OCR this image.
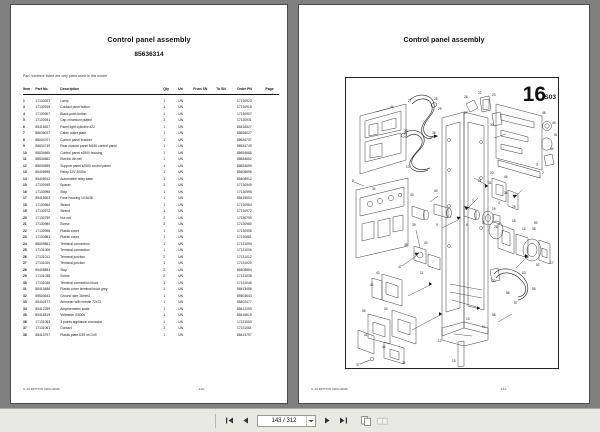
Control panel assembly
85636314
Part numbers listed are only parts used in this model
Item	Part No.	Description	Qty	Un	From SN	To SN	Order PN	Page
1	17130923	Lamp	1	UN			17130923	
3	17130915	Contact push button	1	UN			17130915	
4	17130907	Black push button	1	UN			17130907	
5	17130931	Cap chromium plated	1	UN			17130931	
6	85416527	Panel light cylindric d22	1	UN			85416527	
7	88636027	Cable outlet plate	1	UN			88636027	
8	88634707	Control panel bracket	1	UN			88634707	
9	88634749	Rear closure panel M150 control panel	1	UN			88634749	
10	85634665	Control panel s2500 housing	1	UN			85634665	
11	88634652	Electric din rail	1	UN			88634652	
12	88634699	Support panel s2500 control panel	1	UN			88634699	
13	85408698	Relay 12V 2000a	1	UN			85408698	
14	85408912	Automobile relay base	1	UN			85408912	
15	17130949	Spacer	2	UN			17130949	
16	17130998	Stop	1	UN			17130998	
17	85415503	Fuse housing 10.5x38	1	UN			85415503	
18	17130964	Strand	1	UN			17130964	
19	17130972	Strand	1	UN			17130972	
20	17130799	Nut m6	2	UN			17130799	
21	17130980	Screw	3	UN			17130980	
22	17130998	Plastic cover	1	UN			17130998	
23	17130881	Plastic cover	1	UN			17130881	
24	88609861	Terminal connection	1	UN			17131094	
25	17131006	Terminal connection	1	UN			17131006	
26	17131012	Terminal junction	2	UN			17131012	
27	17131020	Terminal junction	1	UN			17131020	
28	85408854	Stop	2	UN			85408854	
29	17131038	Screw	2	UN			17131038	
30	17131046	Terminal connection block	1	UN			17131046	
31	88413486	Plastic cover terminal block grey	1	UN			88413486	
32	85503643	Ground wire 16mm2	1	UN			85503643	
33	85402477	Ammeter with needle 72x72	1	UN			85402477	
34	85412259	Amperemetric scale	1	UN			85412259	
35	85416519	Voltmeter 0/500v	1	UN			85416519	
36	17131053	3 points appliance connector	1	UN			17131053	
37	17131061	Contact	1	UN			17131061	
38	88413797	Plastic plate D39 nh D49	1	UN			88413797	
G 44 EDITION 09/01/2008	-140-
Control panel assembly
16
S03
44
27	28
29
26
22	23
27
30
8
34
35	36
10
40
40
39	9
45	43
43
42
47
11
15
12
35	33
41
44
34
37
21
20
46
19
7
6	5
4
18
38
48
49
51
54
3
2
31
24
25
26	16
50
17
32
53
52
56
55
57
58
13
14
G 44 EDITION 09/01/2008	-141-
143 / 312
